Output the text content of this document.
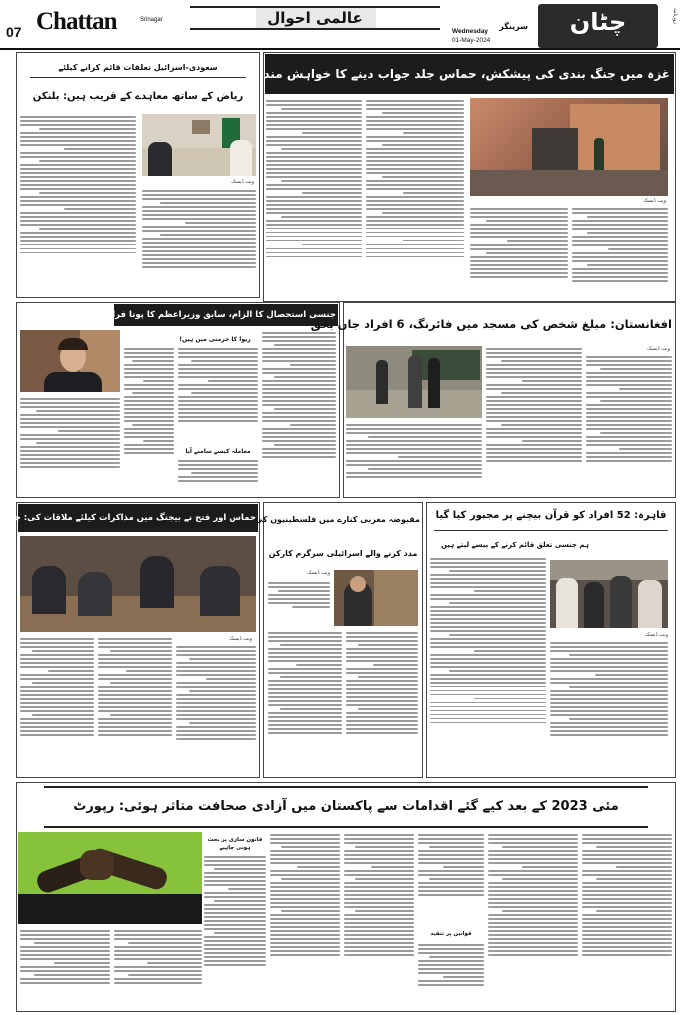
07 Chattan	Srinagar	عالمی احوال	سرینگر
Wednesday
01-May-2024
چٹان	روزنامہ
غزہ میں جنگ بندی کی پیشکش، حماس جلد جواب دینے کا خواہش مند
ویب ڈیسک
سعودی-اسرائیل تعلقات قائم کرانے کیلئے
ریاض کے ساتھ معاہدے کے قریب ہیں: بلنکن
ویب ڈیسک
جنسی استحصال کا الزام، سابق وزیراعظم کا پوتا فرار
ریوا کا جرمنی میں ہیں!
معاملہ کیسے سامنے آیا
افغانستان: مبلغ شخص کی مسجد میں فائرنگ، 6 افراد جاں بحق
ویب ڈیسک
حماس اور فتح نے بیجنگ میں مذاکرات کیلئے ملاقات کی: چین
ویب ڈیسک
مقبوضہ مغربی کنارے میں فلسطینیوں کی
مدد کرنے والے اسرائیلی سرگرم کارکن
ویب ڈیسک
قاہرہ: 52 افراد کو قرآن بیچنے پر مجبور کیا گیا
ہم جنسی تعلق قائم کرنے کے پیسے لیتے ہیں
ویب ڈیسک
مئی 2023 کے بعد کیے گئے اقدامات سے پاکستان میں آزادی صحافت متاثر ہوئی: رپورٹ
قانون سازی پر بحث ہونی چاہیے
قوانین پر تنقید
